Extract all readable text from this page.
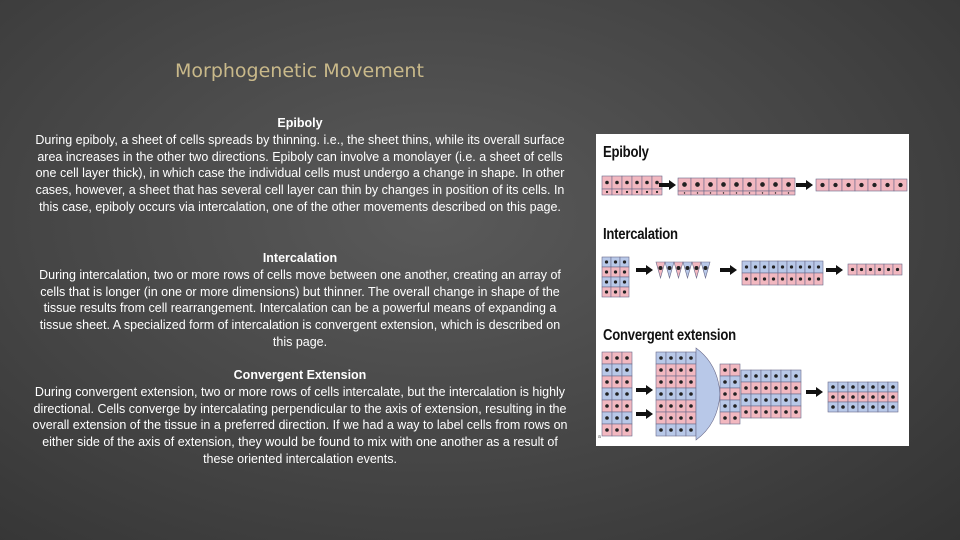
Morphogenetic Movement
Epiboly
During epiboly, a sheet of cells spreads by thinning. i.e., the sheet thins, while its overall surface area increases in the other two directions. Epiboly can involve a monolayer (i.e. a sheet of cells one cell layer thick), in which case the individual cells must undergo a change in shape. In other cases, however, a sheet that has several cell layer can thin by changes in position of its cells. In this case, epiboly occurs via intercalation, one of the other movements described on this page.
Intercalation
During intercalation, two or more rows of cells move between one another, creating an array of cells that is longer (in one or more dimensions) but thinner. The overall change in shape of the tissue results from cell rearrangement. Intercalation can be a powerful means of expanding a tissue sheet. A specialized form of intercalation is convergent extension, which is described on this page.
Convergent Extension
During convergent extension, two or more rows of cells intercalate, but the intercalation is highly directional. Cells converge by intercalating perpendicular to the axis of extension, resulting in the overall extension of the tissue in a preferred direction. If we had a way to label cells from rows on either side of the axis of extension, they would be found to mix with one another as a result of these oriented intercalation events.
Epiboly
Intercalation
Convergent extension
a
